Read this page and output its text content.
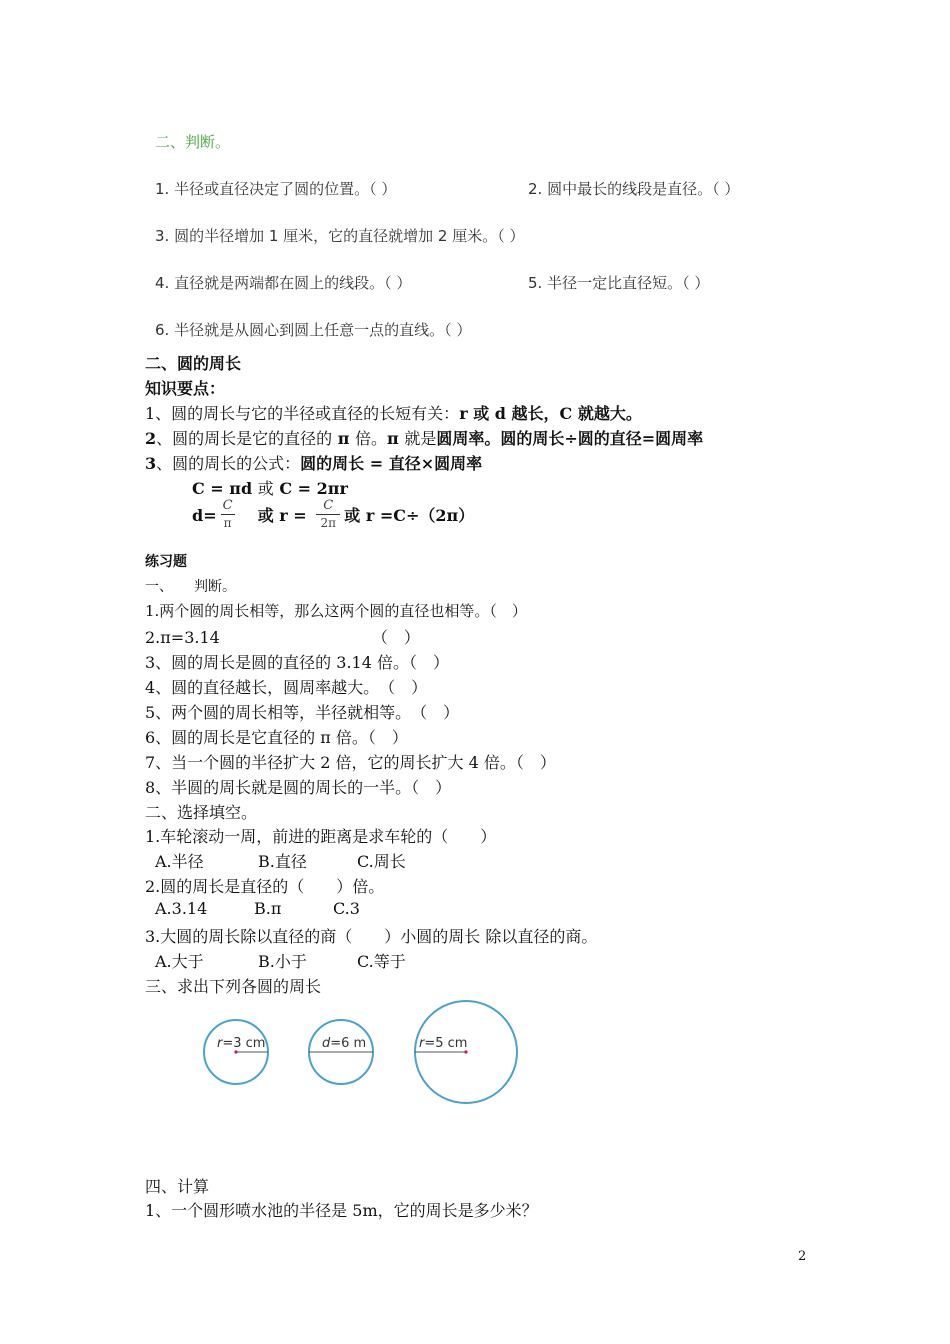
二、判断。
1. 半径或直径决定了圆的位置。（ ）	2. 圆中最长的线段是直径。（ ）
3. 圆的半径增加 1 厘米，它的直径就增加 2 厘米。（ ）
4. 直径就是两端都在圆上的线段。（ ）	5. 半径一定比直径短。（ ）
6. 半径就是从圆心到圆上任意一点的直线。（ ）
二、圆的周长
知识要点：
1、圆的周长与它的半径或直径的长短有关：r 或 d 越长，C 就越大。
2、圆的周长是它的直径的 π 倍。π 就是圆周率。圆的周长÷圆的直径=圆周率
3、圆的周长的公式：圆的周长 = 直径×圆周率
C = πd 或 C = 2πr
$d= \frac{C}{\pi}$ 或 $r = \frac{C}{2\pi}$ 或 r =C÷（2π）
练习题
一、　　判断。
1.两个圆的周长相等，那么这两个圆的直径也相等。（　）
2.π=3.14　　　　　　　　　　（　）
3、圆的周长是圆的直径的 3.14 倍。（　）
4、圆的直径越长，圆周率越大。　（　）
5、两个圆的周长相等，半径就相等。　（　）
6、圆的周长是它直径的 π 倍。（　）
7、当一个圆的半径扩大 2 倍，它的周长扩大 4 倍。（　）
8、半圆的周长就是圆的周长的一半。（　）
二、选择填空。
1.车轮滚动一周，前进的距离是求车轮的（　　）
A.半径	B.直径	C.周长
2.圆的周长是直径的（　　）倍。
A.3.14	B.π	C.3
3.大圆的周长除以直径的商（　　）小圆的周长 除以直径的商。
A.大于	B.小于	C.等于
三、求出下列各圆的周长
r=3 cm	d=6 m	r=5 cm
四、计算
1、一个圆形喷水池的半径是 5m，它的周长是多少米？
2
